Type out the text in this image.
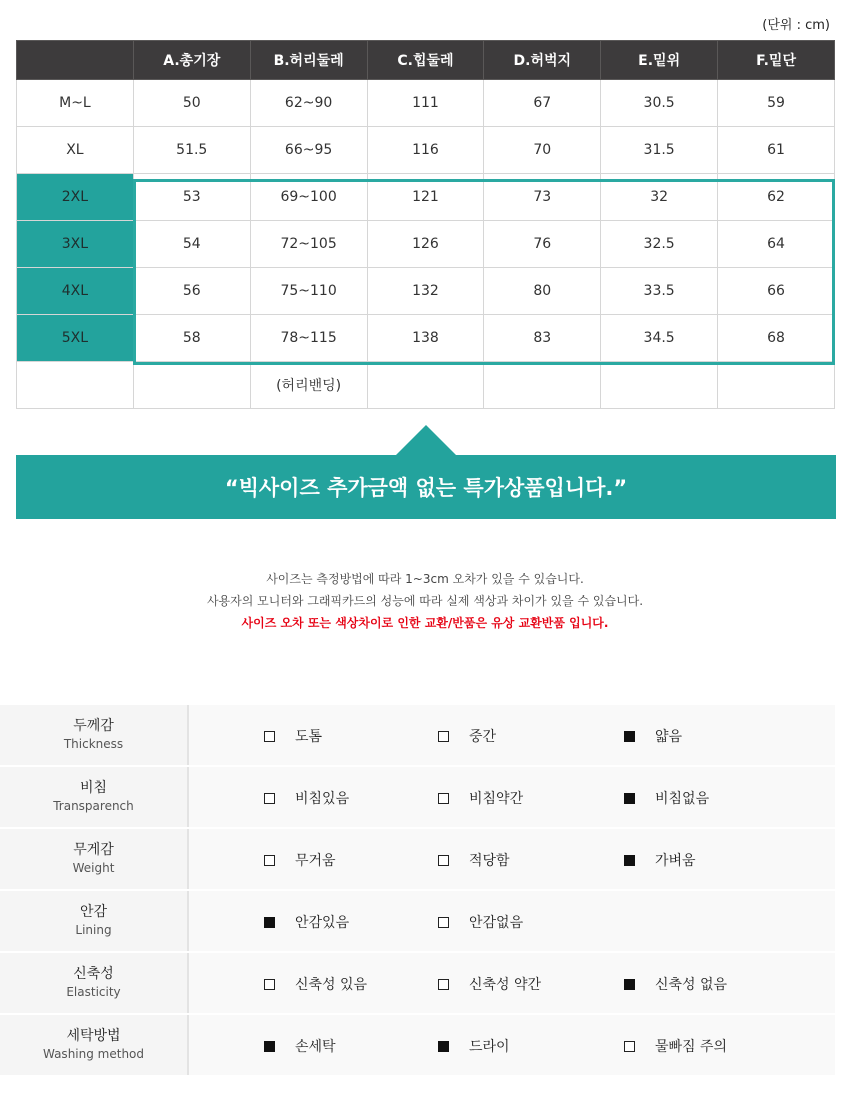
(단위 : cm)
	A.총기장	B.허리둘레	C.힙둘레	D.허벅지	E.밑위	F.밑단
M~L	50	62~90	111	67	30.5	59
XL	51.5	66~95	116	70	31.5	61
2XL	53	69~100	121	73	32	62
3XL	54	72~105	126	76	32.5	64
4XL	56	75~110	132	80	33.5	66
5XL	58	78~115	138	83	34.5	68
		(허리밴딩)				
“빅사이즈 추가금액 없는 특가상품입니다.”
사이즈는 측정방법에 따라 1~3cm 오차가 있을 수 있습니다.
사용자의 모니터와 그래픽카드의 성능에 따라 실제 색상과 차이가 있을 수 있습니다.
사이즈 오차 또는 색상차이로 인한 교환/반품은 유상 교환반품 입니다.
두께감
Thickness	도톰	중간	얇음
비침
Transparench	비침있음	비침약간	비침없음
무게감
Weight	무거움	적당함	가벼움
안감
Lining	안감있음	안감없음
신축성
Elasticity	신축성 있음	신축성 약간	신축성 없음
세탁방법
Washing method	손세탁	드라이	물빠짐 주의
